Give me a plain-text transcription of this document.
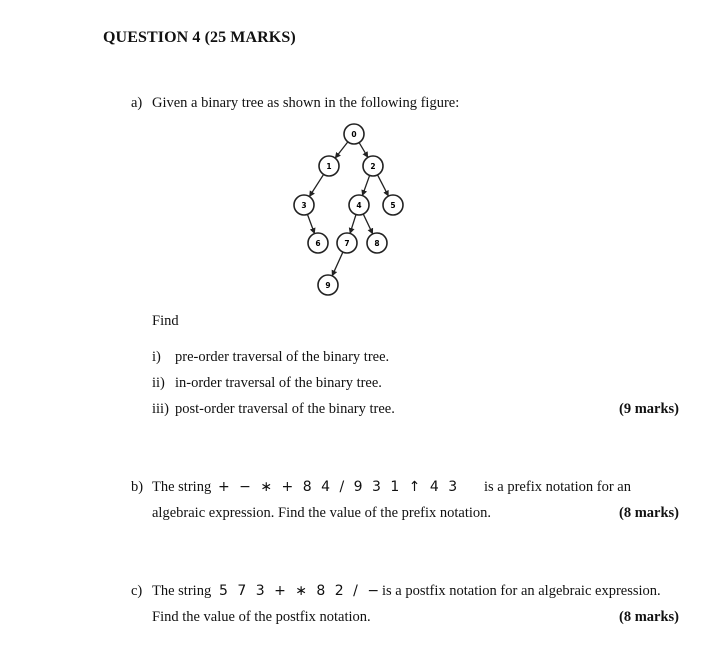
QUESTION 4 (25 MARKS)
a) Given a binary tree as shown in the following figure:
0
1	2
3	4	5
6	7	8
9
Find
i) pre-order traversal of the binary tree.
ii) in-order traversal of the binary tree.
iii) post-order traversal of the binary tree.	(9 marks)
b) The string + − ∗ + 8 4 / 9 3 1 ↑ 4 3 is a prefix notation for an
algebraic expression. Find the value of the prefix notation.	(8 marks)
c) The string 5 7 3 + ∗ 8 2 / − is a postfix notation for an algebraic expression.
Find the value of the postfix notation.	(8 marks)
